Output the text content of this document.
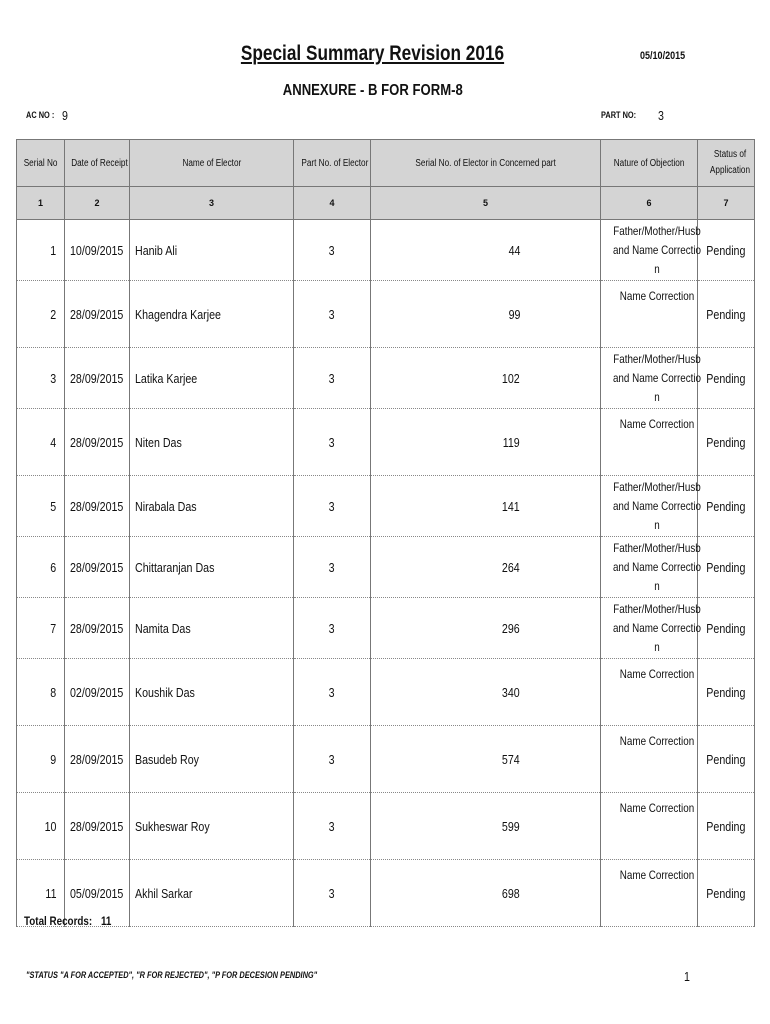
Special Summary Revision 2016	05/10/2015
ANNEXURE - B FOR FORM-8
AC NO : 9	PART NO:	3
Serial No	Date of Receipt	Name of Elector	Part No. of Elector	Serial No. of Elector in Concerned part	Nature of Objection	Status of Application
1	2	3	4	5	6	7
1	10/09/2015	Hanib Ali	3	44	Father/Mother/Husband Name Correction	Pending
2	28/09/2015	Khagendra Karjee	3	99	Name Correction	Pending
3	28/09/2015	Latika Karjee	3	102	Father/Mother/Husband Name Correction	Pending
4	28/09/2015	Niten Das	3	119	Name Correction	Pending
5	28/09/2015	Nirabala Das	3	141	Father/Mother/Husband Name Correction	Pending
6	28/09/2015	Chittaranjan Das	3	264	Father/Mother/Husband Name Correction	Pending
7	28/09/2015	Namita Das	3	296	Father/Mother/Husband Name Correction	Pending
8	02/09/2015	Koushik Das	3	340	Name Correction	Pending
9	28/09/2015	Basudeb Roy	3	574	Name Correction	Pending
10	28/09/2015	Sukheswar Roy	3	599	Name Correction	Pending
11	05/09/2015	Akhil Sarkar	3	698	Name Correction	Pending
Total Records: 11
"STATUS "A FOR ACCEPTED", "R FOR REJECTED", "P FOR DECESION PENDING"	1
